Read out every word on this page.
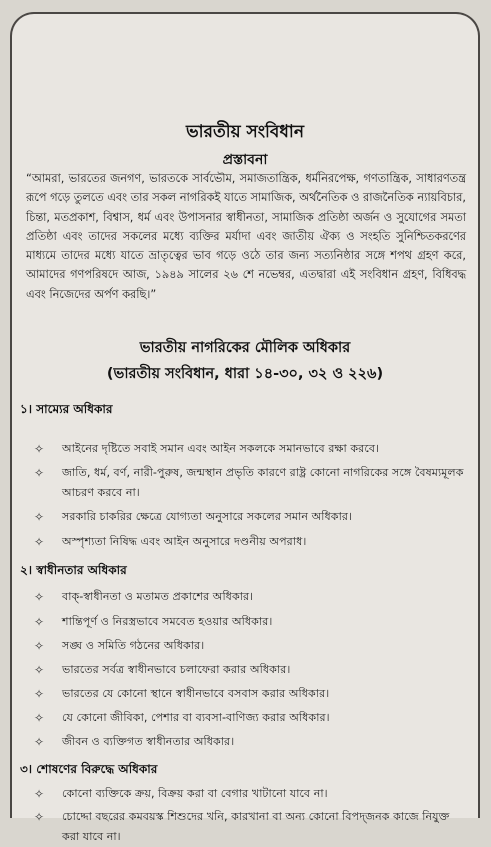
ভারতীয় সংবিধান
প্রস্তাবনা
“আমরা, ভারতের জনগণ, ভারতকে সার্বভৌম, সমাজতান্ত্রিক, ধর্মনিরপেক্ষ, গণতান্ত্রিক, সাধারণতন্ত্র রূপে গড়ে তুলতে এবং তার সকল নাগরিকই যাতে সামাজিক, অর্থনৈতিক ও রাজনৈতিক ন্যায়বিচার, চিন্তা, মতপ্রকাশ, বিশ্বাস, ধর্ম এবং উপাসনার স্বাধীনতা, সামাজিক প্রতিষ্ঠা অর্জন ও সুযোগের সমতা প্রতিষ্ঠা এবং তাদের সকলের মধ্যে ব্যক্তির মর্যাদা এবং জাতীয় ঐক্য ও সংহতি সুনিশ্চিতকরণের মাধ্যমে তাদের মধ্যে যাতে ভ্রাতৃত্বের ভাব গড়ে ওঠে তার জন্য সত্যনিষ্ঠার সঙ্গে শপথ গ্রহণ করে, আমাদের গণপরিষদে আজ, ১৯৪৯ সালের ২৬ শে নভেম্বর, এতদ্বারা এই সংবিধান গ্রহণ, বিধিবদ্ধ এবং নিজেদের অর্পণ করছি।”
ভারতীয় নাগরিকের মৌলিক অধিকার
(ভারতীয় সংবিধান, ধারা ১৪-৩০, ৩২ ও ২২৬)
১। সাম্যের অধিকার
✧	আইনের দৃষ্টিতে সবাই সমান এবং আইন সকলকে সমানভাবে রক্ষা করবে।
✧	জাতি, ধর্ম, বর্ণ, নারী-পুরুষ, জন্মস্থান প্রভৃতি কারণে রাষ্ট্র কোনো নাগরিকের সঙ্গে বৈষম্যমূলক আচরণ করবে না।
✧	সরকারি চাকরির ক্ষেত্রে যোগ্যতা অনুসারে সকলের সমান অধিকার।
✧	অস্পৃশ্যতা নিষিদ্ধ এবং আইন অনুসারে দণ্ডনীয় অপরাধ।
২। স্বাধীনতার অধিকার
✧	বাক্-স্বাধীনতা ও মতামত প্রকাশের অধিকার।
✧	শান্তিপূর্ণ ও নিরস্ত্রভাবে সমবেত হওয়ার অধিকার।
✧	সঙ্ঘ ও সমিতি গঠনের অধিকার।
✧	ভারতের সর্বত্র স্বাধীনভাবে চলাফেরা করার অধিকার।
✧	ভারতের যে কোনো স্থানে স্বাধীনভাবে বসবাস করার অধিকার।
✧	যে কোনো জীবিকা, পেশার বা ব্যবসা-বাণিজ্য করার অধিকার।
✧	জীবন ও ব্যক্তিগত স্বাধীনতার অধিকার।
৩। শোষণের বিরুদ্ধে অধিকার
✧	কোনো ব্যক্তিকে ক্রয়, বিক্রয় করা বা বেগার খাটানো যাবে না।
✧	চোদ্দো বছরের কমবয়স্ক শিশুদের খনি, কারখানা বা অন্য কোনো বিপদ্জনক কাজে নিযুক্ত করা যাবে না।
